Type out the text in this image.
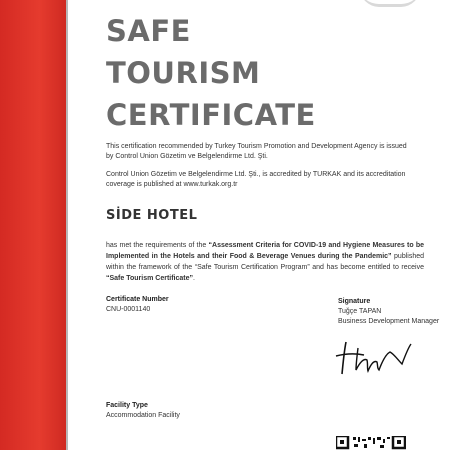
SAFE
TOURISM
CERTIFICATE
This certification recommended by Turkey Tourism Promotion and Development Agency is issued
by Control Union Gözetim ve Belgelendirme Ltd. Şti.
Control Union Gözetim ve Belgelendirme Ltd. Şti., is accredited by TURKAK and its accreditation
coverage is published at www.turkak.org.tr
SİDE HOTEL
has met the requirements of the “Assessment Criteria for COVID-19 and Hygiene Measures to be Implemented in the Hotels and their Food & Beverage Venues during the Pandemic” published within the framework of the “Safe Tourism Certification Program” and has become entitled to receive “Safe Tourism Certificate”.
Certificate Number
CNU-0001140
Signature
Tuğçe TAPAN
Business Development Manager
Facility Type
Accommodation Facility
